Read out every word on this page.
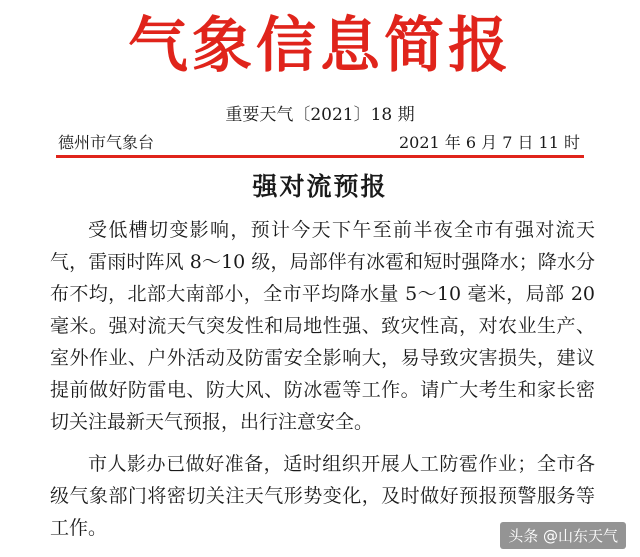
气象信息简报
重要天气〔2021〕18 期
德州市气象台	2021 年 6 月 7 日 11 时
强对流预报

受低槽切变影响，预计今天下午至前半夜全市有强对流天气，雷雨时阵风 8～10 级，局部伴有冰雹和短时强降水；降水分布不均，北部大南部小，全市平均降水量 5～10 毫米，局部 20 毫米。强对流天气突发性和局地性强、致灾性高，对农业生产、室外作业、户外活动及防雷安全影响大，易导致灾害损失，建议提前做好防雷电、防大风、防冰雹等工作。请广大考生和家长密切关注最新天气预报，出行注意安全。

市人影办已做好准备，适时组织开展人工防雹作业；全市各级气象部门将密切关注天气形势变化，及时做好预报预警服务等工作。	头条 @山东天气
